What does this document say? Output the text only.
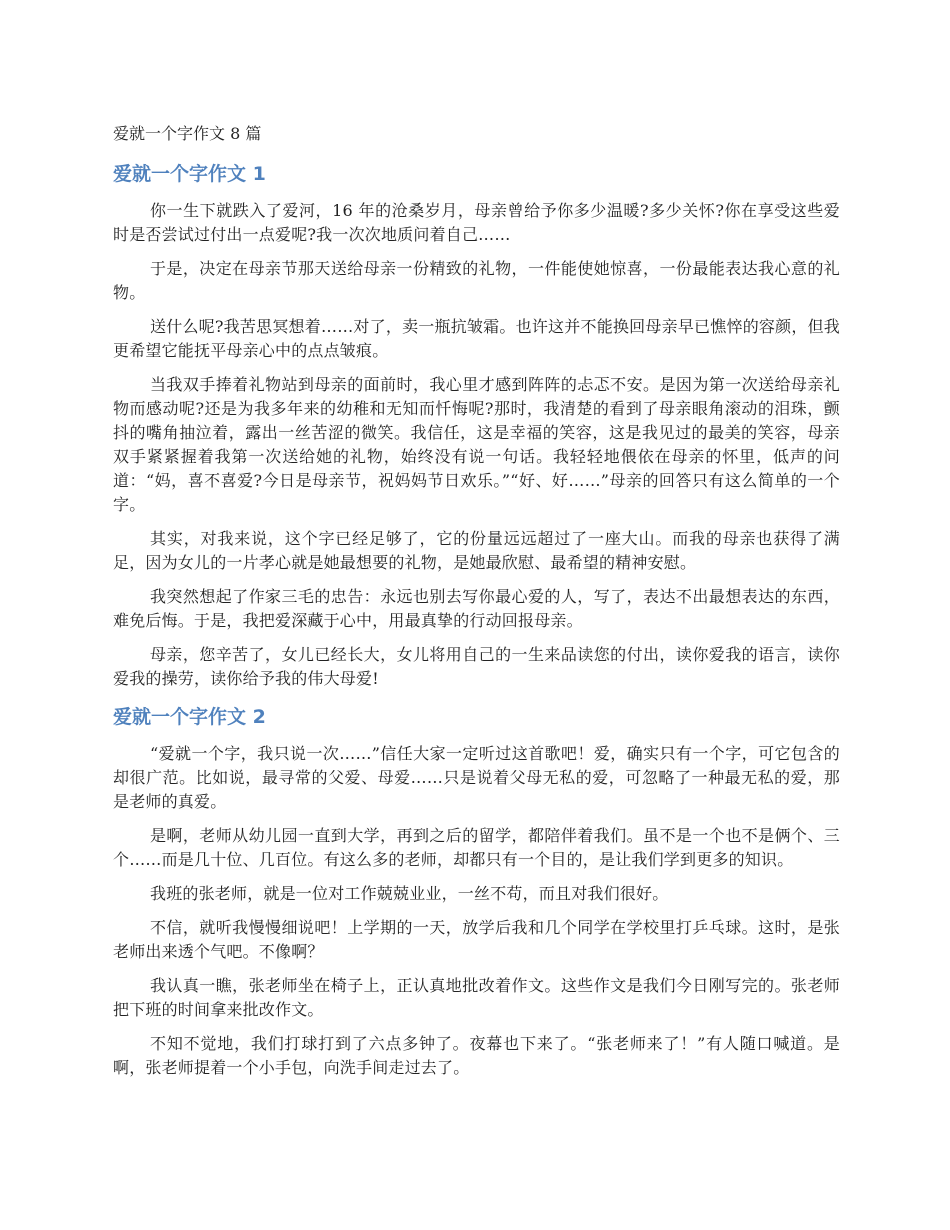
爱就一个字作文 8 篇
爱就一个字作文 1

你一生下就跌入了爱河，16 年的沧桑岁月，母亲曾给予你多少温暖?多少关怀?你在享受这些爱时是否尝试过付出一点爱呢?我一次次地质问着自己……

于是，决定在母亲节那天送给母亲一份精致的礼物，一件能使她惊喜，一份最能表达我心意的礼物。

送什么呢?我苦思冥想着……对了，卖一瓶抗皱霜。也许这并不能换回母亲早已憔悴的容颜，但我更希望它能抚平母亲心中的点点皱痕。

当我双手捧着礼物站到母亲的面前时，我心里才感到阵阵的忐忑不安。是因为第一次送给母亲礼物而感动呢?还是为我多年来的幼稚和无知而忏悔呢?那时，我清楚的看到了母亲眼角滚动的泪珠，颤抖的嘴角抽泣着，露出一丝苦涩的微笑。我信任，这是幸福的笑容，这是我见过的最美的笑容，母亲双手紧紧握着我第一次送给她的礼物，始终没有说一句话。我轻轻地偎依在母亲的怀里，低声的问道：“妈，喜不喜爱?今日是母亲节，祝妈妈节日欢乐。”“好、好……”母亲的回答只有这么简单的一个字。

其实，对我来说，这个字已经足够了，它的份量远远超过了一座大山。而我的母亲也获得了满足，因为女儿的一片孝心就是她最想要的礼物，是她最欣慰、最希望的精神安慰。

我突然想起了作家三毛的忠告：永远也别去写你最心爱的人，写了，表达不出最想表达的东西，难免后悔。于是，我把爱深藏于心中，用最真挚的行动回报母亲。

母亲，您辛苦了，女儿已经长大，女儿将用自己的一生来品读您的付出，读你爱我的语言，读你爱我的操劳，读你给予我的伟大母爱!

爱就一个字作文 2

“爱就一个字，我只说一次……”信任大家一定听过这首歌吧！爱，确实只有一个字，可它包含的却很广范。比如说，最寻常的父爱、母爱……只是说着父母无私的爱，可忽略了一种最无私的爱，那是老师的真爱。

是啊，老师从幼儿园一直到大学，再到之后的留学，都陪伴着我们。虽不是一个也不是俩个、三个……而是几十位、几百位。有这么多的老师，却都只有一个目的，是让我们学到更多的知识。

我班的张老师，就是一位对工作兢兢业业，一丝不苟，而且对我们很好。

不信，就听我慢慢细说吧！上学期的一天，放学后我和几个同学在学校里打乒乓球。这时，是张老师出来透个气吧。不像啊？

我认真一瞧，张老师坐在椅子上，正认真地批改着作文。这些作文是我们今日刚写完的。张老师把下班的时间拿来批改作文。

不知不觉地，我们打球打到了六点多钟了。夜幕也下来了。“张老师来了！”有人随口喊道。是啊，张老师提着一个小手包，向洗手间走过去了。
